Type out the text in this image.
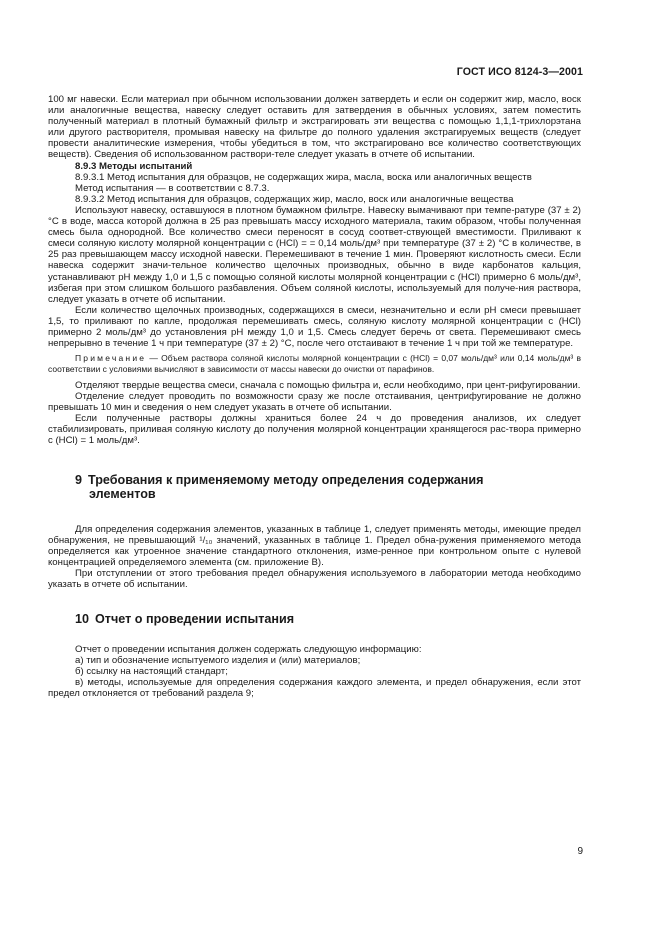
ГОСТ ИСО 8124-3—2001

100 мг навески. Если материал при обычном использовании должен затвердеть и если он содержит жир, масло, воск или аналогичные вещества, навеску следует оставить для затвердения в обычных условиях, затем поместить полученный материал в плотный бумажный фильтр и экстрагировать эти вещества с помощью 1,1,1-трихлорэтана или другого растворителя, промывая навеску на фильтре до полного удаления экстрагируемых веществ (следует провести аналитические измерения, чтобы убедиться в том, что экстрагировано все количество соответствующих веществ). Сведения об использованном раствори-теле следует указать в отчете об испытании.

8.9.3 Методы испытаний

8.9.3.1 Метод испытания для образцов, не содержащих жира, масла, воска или аналогичных веществ

Метод испытания — в соответствии с 8.7.3.

8.9.3.2 Метод испытания для образцов, содержащих жир, масло, воск или аналогичные вещества

Используют навеску, оставшуюся в плотном бумажном фильтре. Навеску вымачивают при темпе-ратуре (37 ± 2) °С в воде, масса которой должна в 25 раз превышать массу исходного материала, таким образом, чтобы полученная смесь была однородной. Все количество смеси переносят в сосуд соответ-ствующей вместимости. Приливают к смеси соляную кислоту молярной концентрации c (HCl) = = 0,14 моль/дм³ при температуре (37 ± 2) °С в количестве, в 25 раз превышающем массу исходной навески. Перемешивают в течение 1 мин. Проверяют кислотность смеси. Если навеска содержит значи-тельное количество щелочных производных, обычно в виде карбонатов кальция, устанавливают рН между 1,0 и 1,5 с помощью соляной кислоты молярной концентрации c (HCl) примерно 6 моль/дм³, избегая при этом слишком большого разбавления. Объем соляной кислоты, используемый для получе-ния раствора, следует указать в отчете об испытании.

Если количество щелочных производных, содержащихся в смеси, незначительно и если рН смеси превышает 1,5, то приливают по капле, продолжая перемешивать смесь, соляную кислоту молярной концентрации c (HCl) примерно 2 моль/дм³ до установления рН между 1,0 и 1,5. Смесь следует беречь от света. Перемешивают смесь непрерывно в течение 1 ч при температуре (37 ± 2) °С, после чего отстаивают в течение 1 ч при той же температуре.

Примечание — Объем раствора соляной кислоты молярной концентрации c (HCl) = 0,07 моль/дм³ или 0,14 моль/дм³ в соответствии с условиями вычисляют в зависимости от массы навески до очистки от парафинов.

Отделяют твердые вещества смеси, сначала с помощью фильтра и, если необходимо, при цент-рифугировании.

Отделение следует проводить по возможности сразу же после отстаивания, центрифугирование не должно превышать 10 мин и сведения о нем следует указать в отчете об испытании.

Если полученные растворы должны храниться более 24 ч до проведения анализов, их следует стабилизировать, приливая соляную кислоту до получения молярной концентрации хранящегося рас-твора примерно c (HCl) = 1 моль/дм³.

9 Требования к применяемому методу определения содержания
элементов

Для определения содержания элементов, указанных в таблице 1, следует применять методы, имеющие предел обнаружения, не превышающий ¹/₁₀ значений, указанных в таблице 1. Предел обна-ружения применяемого метода определяется как утроенное значение стандартного отклонения, изме-ренное при контрольном опыте с нулевой концентрацией определяемого элемента (см. приложение В).

При отступлении от этого требования предел обнаружения используемого в лаборатории метода необходимо указать в отчете об испытании.

10 Отчет о проведении испытания

Отчет о проведении испытания должен содержать следующую информацию:

а) тип и обозначение испытуемого изделия и (или) материалов;

б) ссылку на настоящий стандарт;

в) методы, используемые для определения содержания каждого элемента, и предел обнаружения, если этот предел отклоняется от требований раздела 9;

9
